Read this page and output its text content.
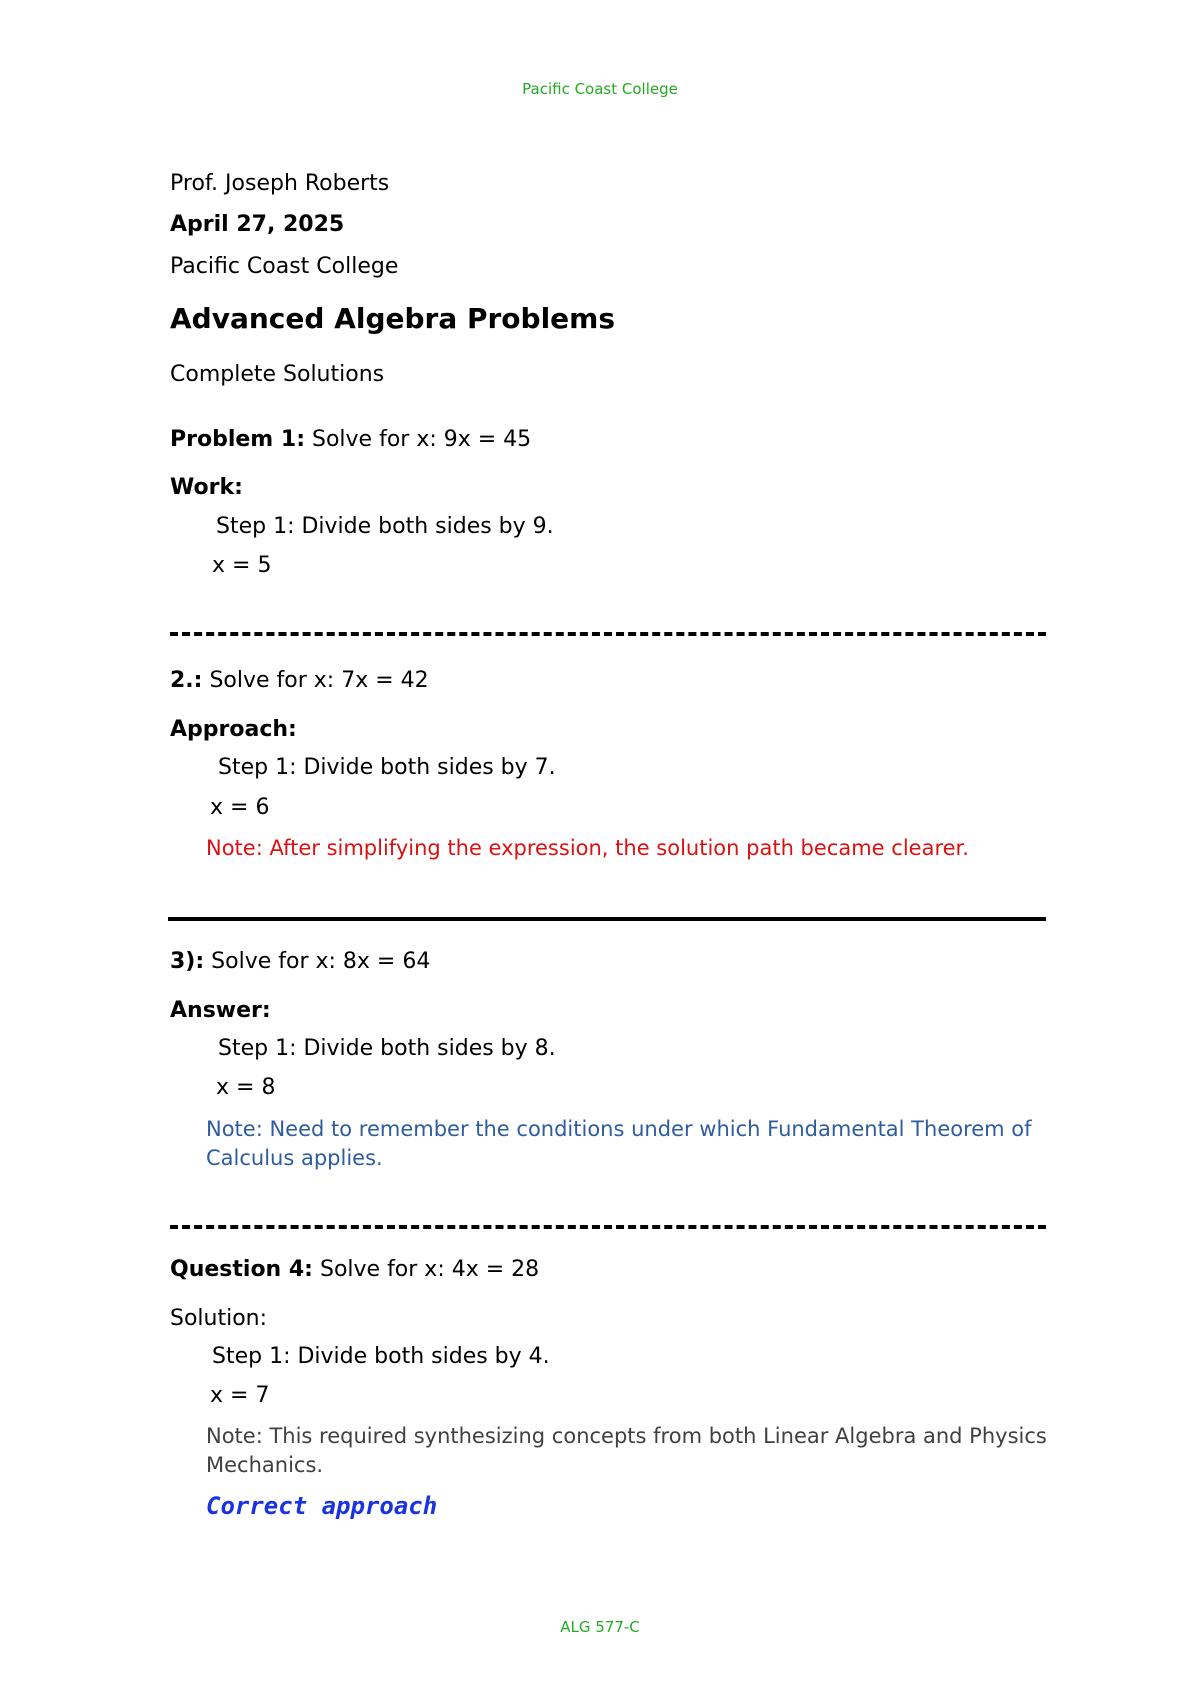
Pacific Coast College
Prof. Joseph Roberts
April 27, 2025
Pacific Coast College
Advanced Algebra Problems
Complete Solutions
Problem 1: Solve for x: 9x = 45
Work:
Step 1: Divide both sides by 9.
x = 5
2.: Solve for x: 7x = 42
Approach:
Step 1: Divide both sides by 7.
x = 6
Note: After simplifying the expression, the solution path became clearer.
3): Solve for x: 8x = 64
Answer:
Step 1: Divide both sides by 8.
x = 8
Note: Need to remember the conditions under which Fundamental Theorem of Calculus applies.
Question 4: Solve for x: 4x = 28
Solution:
Step 1: Divide both sides by 4.
x = 7
Note: This required synthesizing concepts from both Linear Algebra and Physics Mechanics.
Correct approach
ALG 577-C
